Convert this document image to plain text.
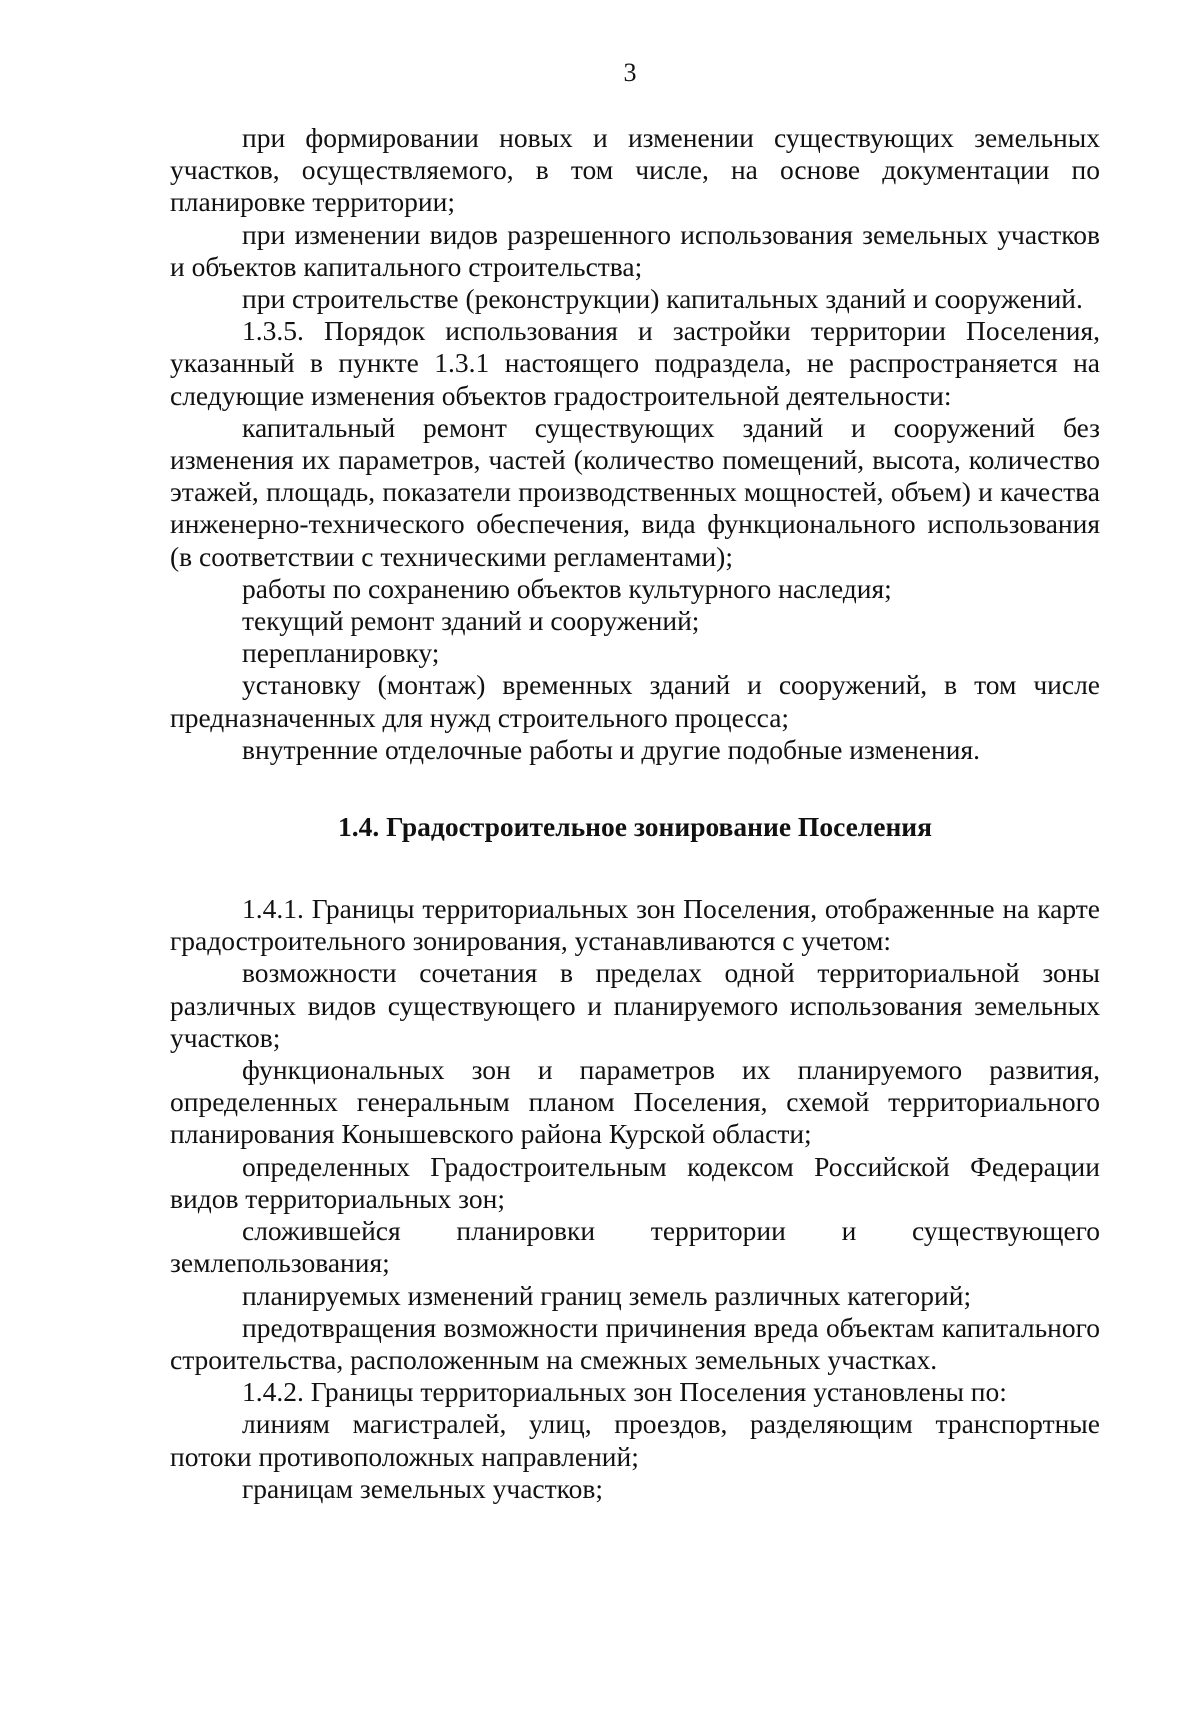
3

при формировании новых и изменении существующих земельных участков, осуществляемого, в том числе, на основе документации по планировке территории;

при изменении видов разрешенного использования земельных участков и объектов капитального строительства;

при строительстве (реконструкции) капитальных зданий и сооружений.

1.3.5. Порядок использования и застройки территории Поселения, указанный в пункте 1.3.1 настоящего подраздела, не распространяется на следующие изменения объектов градостроительной деятельности:

капитальный ремонт существующих зданий и сооружений без изменения их параметров, частей (количество помещений, высота, количество этажей, площадь, показатели производственных мощностей, объем) и качества инженерно-технического обеспечения, вида функционального использования (в соответствии с техническими регламентами);

работы по сохранению объектов культурного наследия;

текущий ремонт зданий и сооружений;

перепланировку;

установку (монтаж) временных зданий и сооружений, в том числе предназначенных для нужд строительного процесса;

внутренние отделочные работы и другие подобные изменения.

1.4. Градостроительное зонирование Поселения

1.4.1. Границы территориальных зон Поселения, отображенные на карте градостроительного зонирования, устанавливаются с учетом:

возможности сочетания в пределах одной территориальной зоны различных видов существующего и планируемого использования земельных участков;

функциональных зон и параметров их планируемого развития, определенных генеральным планом Поселения, схемой территориального планирования Конышевского района Курской области;

определенных Градостроительным кодексом Российской Федерации видов территориальных зон;

сложившейся планировки территории и существующего землепользования;

планируемых изменений границ земель различных категорий;

предотвращения возможности причинения вреда объектам капитального строительства, расположенным на смежных земельных участках.

1.4.2. Границы территориальных зон Поселения установлены по:

линиям магистралей, улиц, проездов, разделяющим транспортные потоки противоположных направлений;

границам земельных участков;
